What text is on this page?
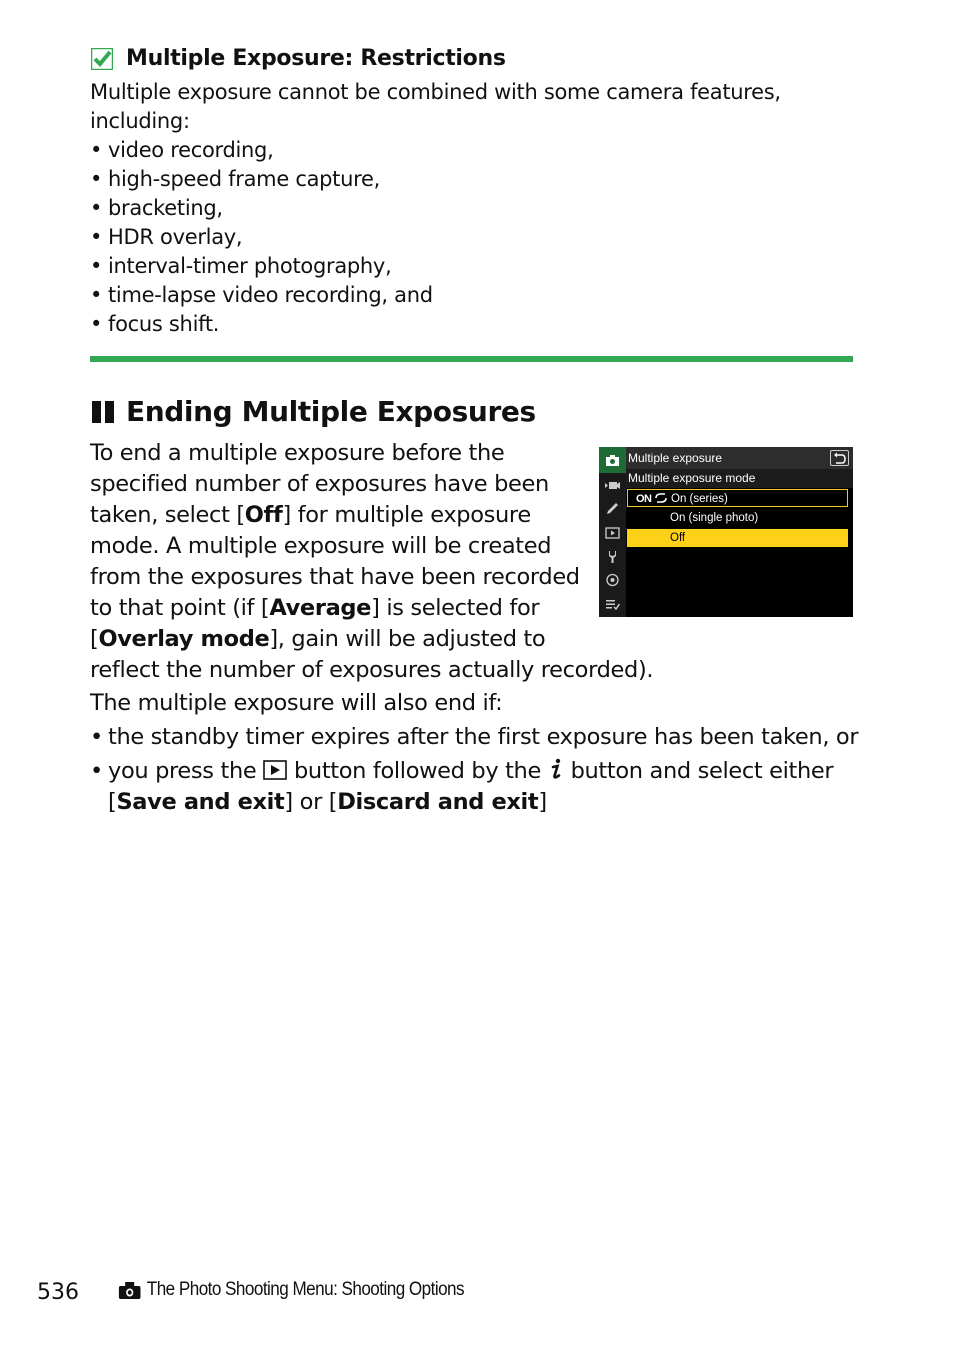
Multiple Exposure: Restrictions
Multiple exposure cannot be combined with some camera features, including:
• video recording,
• high-speed frame capture,
• bracketing,
• HDR overlay,
• interval-timer photography,
• time-lapse video recording, and
• focus shift.
Ending Multiple Exposures
To end a multiple exposure before the
specified number of exposures have been
taken, select [Off] for multiple exposure
mode. A multiple exposure will be created
from the exposures that have been recorded
to that point (if [Average] is selected for
[Overlay mode], gain will be adjusted to
reflect the number of exposures actually recorded).
The multiple exposure will also end if:
• the standby timer expires after the first exposure has been taken, or
• you press the button followed by the button and select either
[Save and exit] or [Discard and exit]
Multiple exposure
Multiple exposure mode
ON	On (series)
On (single photo)
Off
536	The Photo Shooting Menu: Shooting Options
